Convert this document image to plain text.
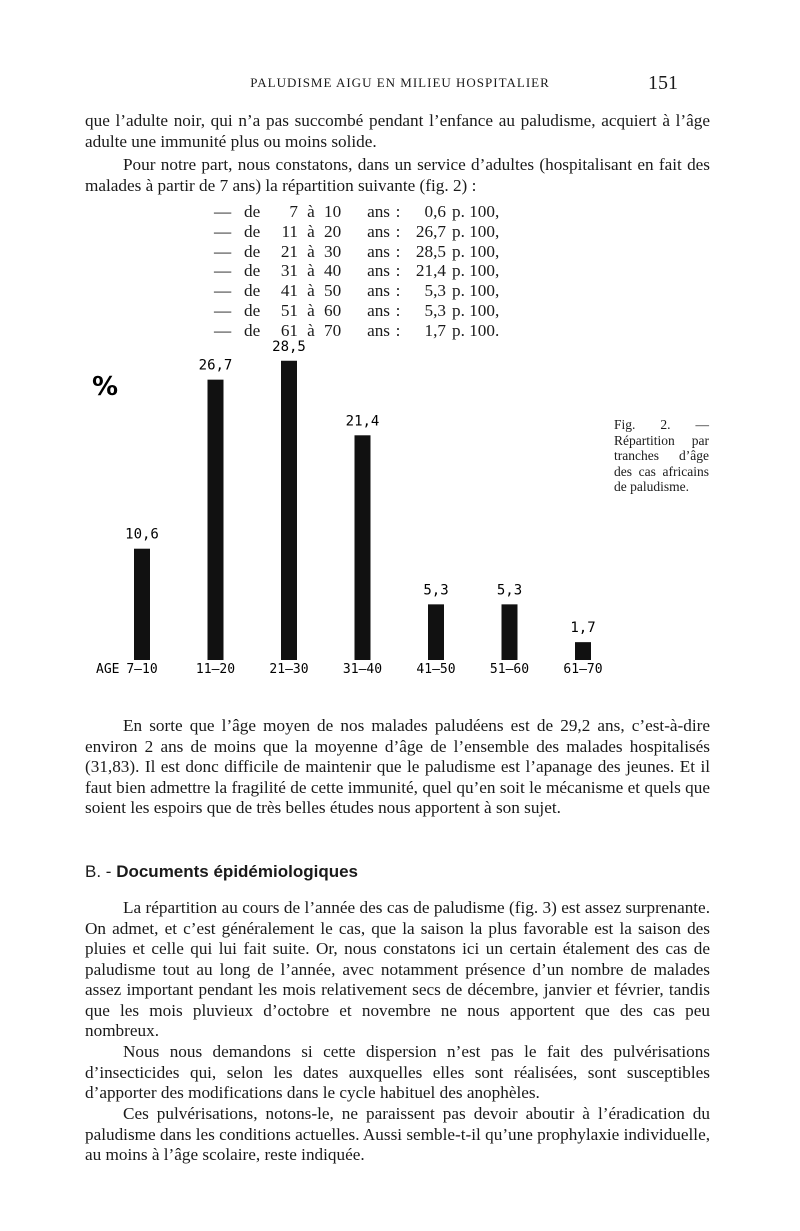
PALUDISME AIGU EN MILIEU HOSPITALIER	151

que l’adulte noir, qui n’a pas succombé pendant l’enfance au paludisme, acquiert à l’âge adulte une immunité plus ou moins solide.

Pour notre part, nous constatons, dans un service d’adultes (hospitalisant en fait des malades à partir de 7 ans) la répartition suivante (fig. 2) :

— de 7 à 10 ans : 0,6 p. 100,
— de 11 à 20 ans : 26,7 p. 100,
— de 21 à 30 ans : 28,5 p. 100,
— de 31 à 40 ans : 21,4 p. 100,
— de 41 à 50 ans : 5,3 p. 100,
— de 51 à 60 ans : 5,3 p. 100,
— de 61 à 70 ans : 1,7 p. 100.
%
10,6
26,7
28,5
21,4
5,3	5,3
1,7
AGE 7–10	11–20	21–30	31–40	41–50	51–60	61–70
Fig. 2. — Répartition par tranches d’âge des cas africains de paludisme.

En sorte que l’âge moyen de nos malades paludéens est de 29,2 ans, c’est-à-dire environ 2 ans de moins que la moyenne d’âge de l’ensemble des malades hospitalisés (31,83). Il est donc difficile de maintenir que le paludisme est l’apanage des jeunes. Et il faut bien admettre la fragilité de cette immunité, quel qu’en soit le mécanisme et quels que soient les espoirs que de très belles études nous apportent à son sujet.

B. - Documents épidémiologiques

La répartition au cours de l’année des cas de paludisme (fig. 3) est assez surprenante. On admet, et c’est généralement le cas, que la saison la plus favorable est la saison des pluies et celle qui lui fait suite. Or, nous constatons ici un certain étalement des cas de paludisme tout au long de l’année, avec notamment présence d’un nombre de malades assez important pendant les mois relativement secs de décembre, janvier et février, tandis que les mois pluvieux d’octobre et novembre ne nous apportent que des cas peu nombreux.

Nous nous demandons si cette dispersion n’est pas le fait des pulvérisations d’insecticides qui, selon les dates auxquelles elles sont réalisées, sont susceptibles d’apporter des modifications dans le cycle habituel des anophèles.

Ces pulvérisations, notons-le, ne paraissent pas devoir aboutir à l’éradication du paludisme dans les conditions actuelles. Aussi semble-t-il qu’une prophylaxie individuelle, au moins à l’âge scolaire, reste indiquée.
